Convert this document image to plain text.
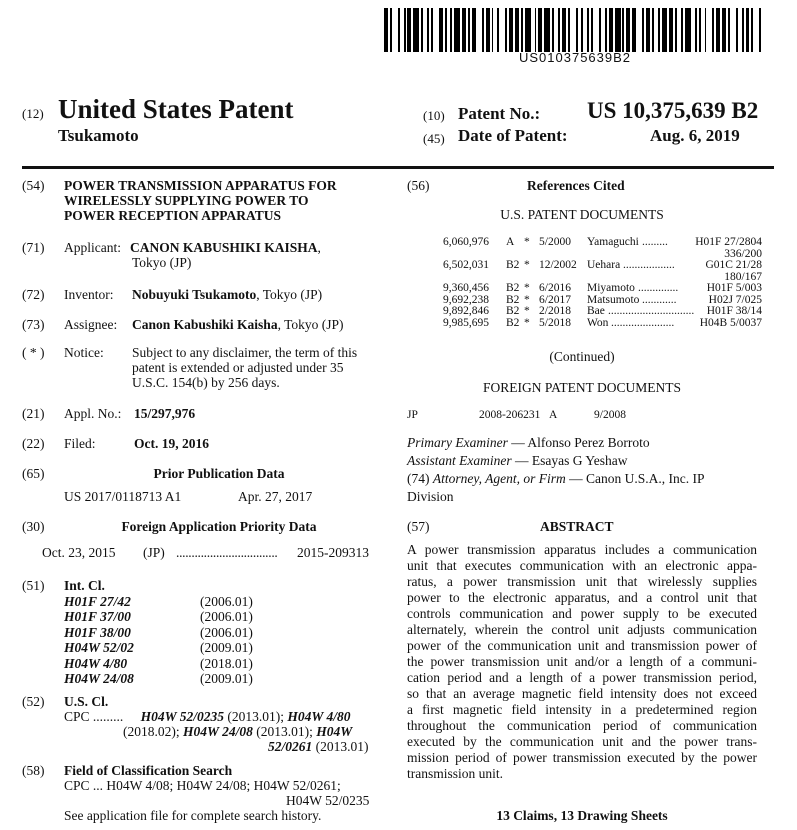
US010375639B2
(12) United States Patent
Tsukamoto
(10) Patent No.: US 10,375,639 B2
(45) Date of Patent:	Aug. 6, 2019
(54)	POWER TRANSMISSION APPARATUS FOR
WIRELESSLY SUPPLYING POWER TO
POWER RECEPTION APPARATUS
(71)	Applicant: CANON KABUSHIKI KAISHA,
Tokyo (JP)
(72)	Inventor:	Nobuyuki Tsukamoto, Tokyo (JP)
(73)	Assignee:	Canon Kabushiki Kaisha, Tokyo (JP)
( * )	Notice:	Subject to any disclaimer, the term of this
patent is extended or adjusted under 35
U.S.C. 154(b) by 256 days.
(21)	Appl. No.: 15/297,976
(22)	Filed:	Oct. 19, 2016
(65)	Prior Publication Data
US 2017/0118713 A1	Apr. 27, 2017
(30)	Foreign Application Priority Data
Oct. 23, 2015 (JP) ................................. 2015-209313
(51) Int. Cl.
H01F 27/42	(2006.01)
H01F 37/00	(2006.01)
H01F 38/00	(2006.01)
H04W 52/02	(2009.01)
H04W 4/80	(2018.01)
H04W 24/08	(2009.01)
(52)	U.S. Cl.
CPC ......... H04W 52/0235 (2013.01); H04W 4/80
(2018.02); H04W 24/08 (2013.01); H04W
52/0261 (2013.01)
(58)	Field of Classification Search
CPC ... H04W 4/08; H04W 24/08; H04W 52/0261;
H04W 52/0235
See application file for complete search history.
(56)	References Cited
U.S. PATENT DOCUMENTS
6,060,976 A * 5/2000 Yamaguchi .........	H01F 27/2804
336/200
6,502,031 B2 * 12/2002 Uehara ..................	G01C 21/28
180/167
9,360,456 B2 * 6/2016 Miyamoto ..............	H01F 5/003
9,692,238 B2 * 6/2017 Matsumoto ............	H02J 7/025
9,892,846 B2 * 2/2018 Bae ..............................	H01F 38/14
9,985,695 B2 * 5/2018 Won ......................	H04B 5/0037
(Continued)
FOREIGN PATENT DOCUMENTS
JP	2008-206231 A	9/2008
Primary Examiner — Alfonso Perez Borroto
Assistant Examiner — Esayas G Yeshaw
(74) Attorney, Agent, or Firm — Canon U.S.A., Inc. IP
Division
(57)	ABSTRACT
A power transmission apparatus includes a communication
unit that executes communication with an electronic appa-
ratus, a power transmission unit that wirelessly supplies
power to the electronic apparatus, and a control unit that
controls communication and power supply to be executed
alternately, wherein the control unit adjusts communication
power of the communication unit and transmission power of
the power transmission unit and/or a length of a communi-
cation period and a length of a power transmission period,
so that an average magnetic field intensity does not exceed
a first magnetic field intensity in a predetermined region
throughout the communication period of communication
executed by the communication unit and the power trans-
mission period of power transmission executed by the power
transmission unit.
13 Claims, 13 Drawing Sheets
